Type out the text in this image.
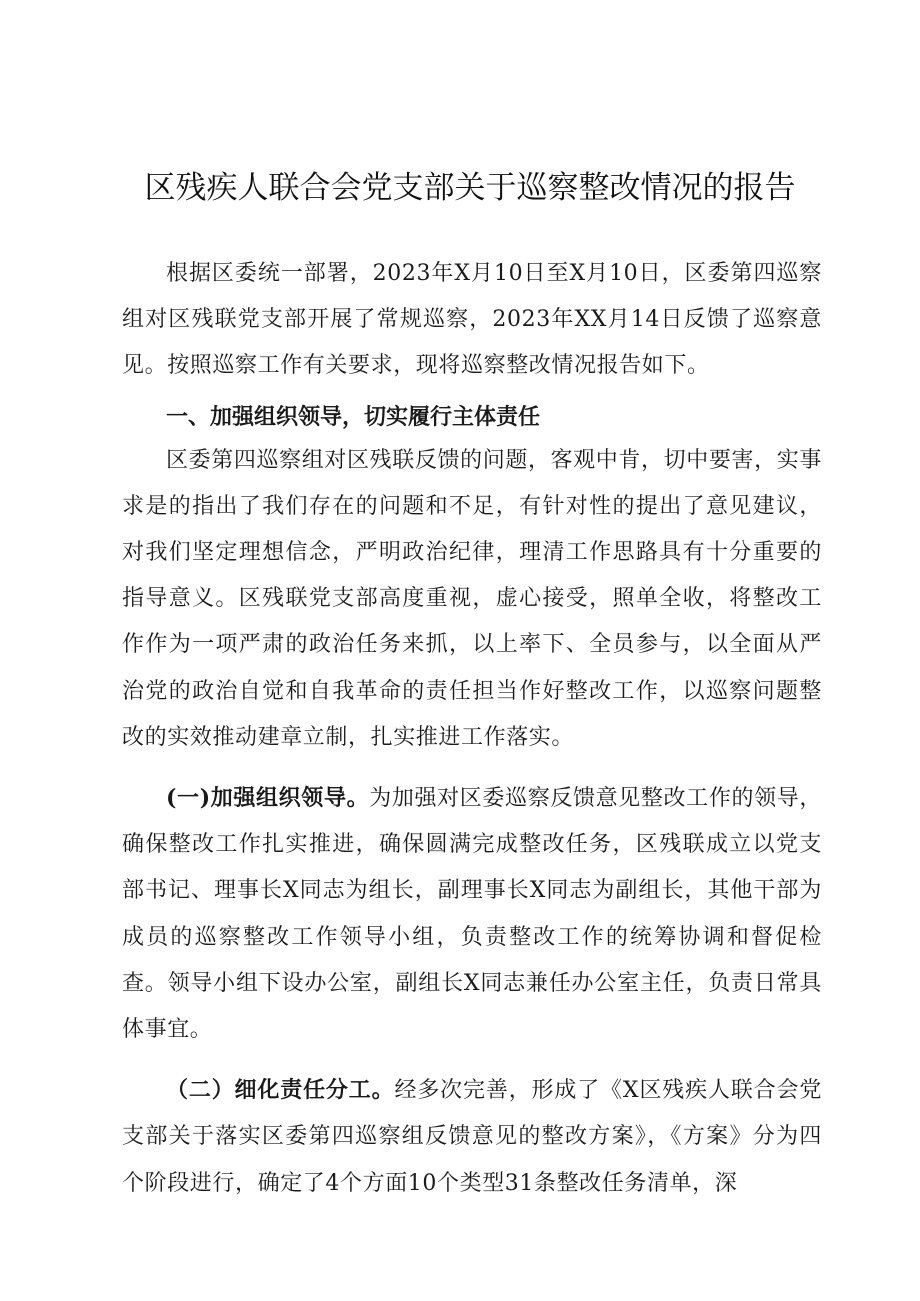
区残疾人联合会党支部关于巡察整改情况的报告

根据区委统一部署，2023年X月10日至X月10日，区委第四巡察组对区残联党支部开展了常规巡察，2023年XX月14日反馈了巡察意见。按照巡察工作有关要求，现将巡察整改情况报告如下。

一、加强组织领导，切实履行主体责任

区委第四巡察组对区残联反馈的问题，客观中肯，切中要害，实事求是的指出了我们存在的问题和不足，有针对性的提出了意见建议，对我们坚定理想信念，严明政治纪律，理清工作思路具有十分重要的指导意义。区残联党支部高度重视，虚心接受，照单全收，将整改工作作为一项严肃的政治任务来抓，以上率下、全员参与，以全面从严治党的政治自觉和自我革命的责任担当作好整改工作，以巡察问题整改的实效推动建章立制，扎实推进工作落实。

(一)加强组织领导。为加强对区委巡察反馈意见整改工作的领导，确保整改工作扎实推进，确保圆满完成整改任务，区残联成立以党支部书记、理事长X同志为组长，副理事长X同志为副组长，其他干部为成员的巡察整改工作领导小组，负责整改工作的统筹协调和督促检查。领导小组下设办公室，副组长X同志兼任办公室主任，负责日常具体事宜。

（二）细化责任分工。经多次完善，形成了《X区残疾人联合会党支部关于落实区委第四巡察组反馈意见的整改方案》，《方案》分为四个阶段进行，确定了4个方面10个类型31条整改任务清单，深
